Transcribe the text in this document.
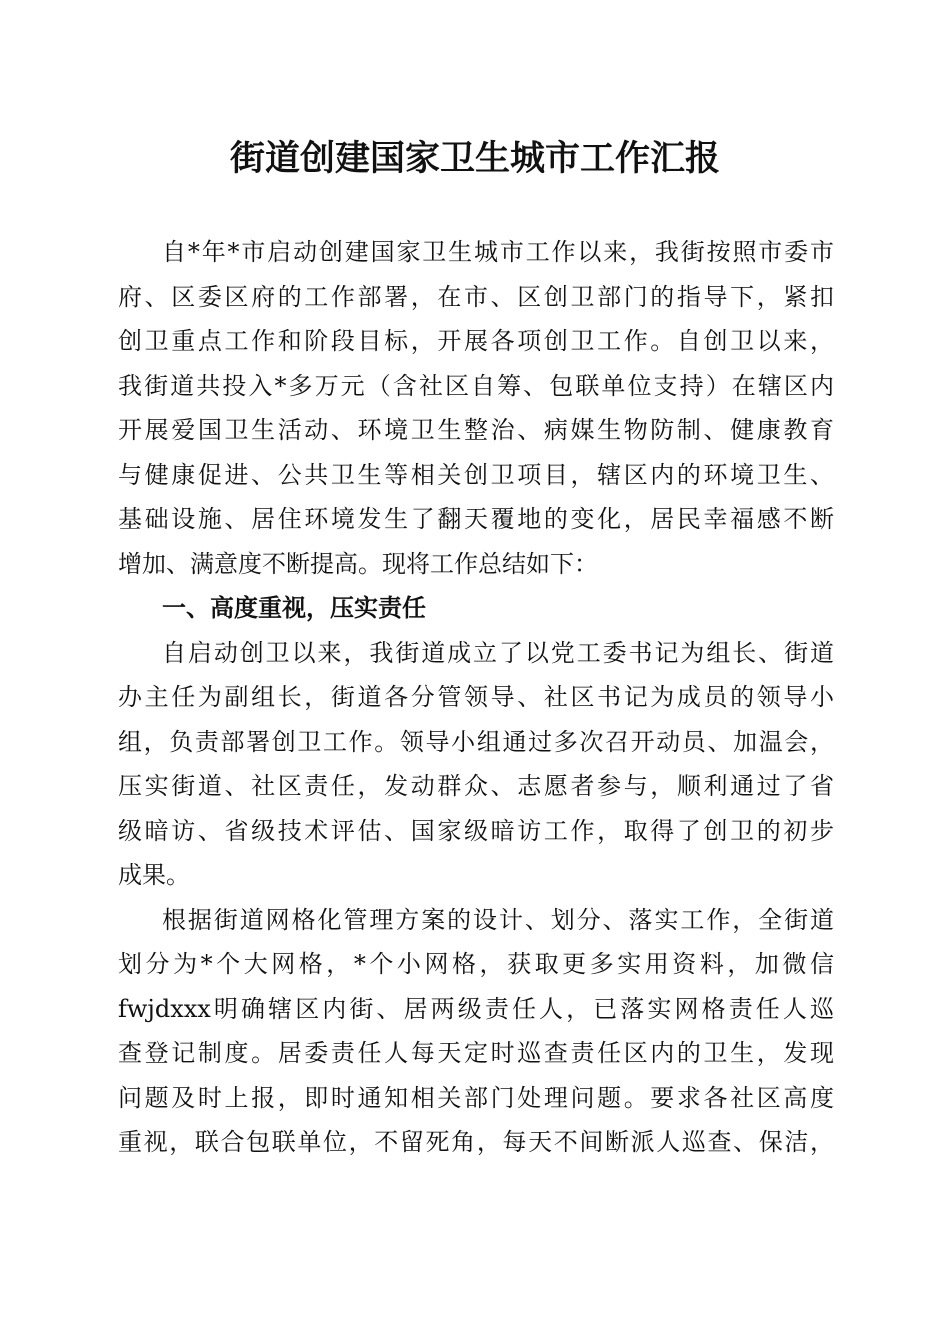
街道创建国家卫生城市工作汇报
自*年*市启动创建国家卫生城市工作以来，我街按照市委市
府、区委区府的工作部署，在市、区创卫部门的指导下，紧扣
创卫重点工作和阶段目标，开展各项创卫工作。自创卫以来，
我街道共投入*多万元（含社区自筹、包联单位支持）在辖区内
开展爱国卫生活动、环境卫生整治、病媒生物防制、健康教育
与健康促进、公共卫生等相关创卫项目，辖区内的环境卫生、
基础设施、居住环境发生了翻天覆地的变化，居民幸福感不断
增加、满意度不断提高。现将工作总结如下：
一、高度重视，压实责任
自启动创卫以来，我街道成立了以党工委书记为组长、街道
办主任为副组长，街道各分管领导、社区书记为成员的领导小
组，负责部署创卫工作。领导小组通过多次召开动员、加温会，
压实街道、社区责任，发动群众、志愿者参与，顺利通过了省
级暗访、省级技术评估、国家级暗访工作，取得了创卫的初步
成果。
根据街道网格化管理方案的设计、划分、落实工作，全街道
划分为*个大网格，*个小网格，获取更多实用资料，加微信
fwjdxxx明确辖区内街、居两级责任人，已落实网格责任人巡
查登记制度。居委责任人每天定时巡查责任区内的卫生，发现
问题及时上报，即时通知相关部门处理问题。要求各社区高度
重视，联合包联单位，不留死角，每天不间断派人巡查、保洁，
